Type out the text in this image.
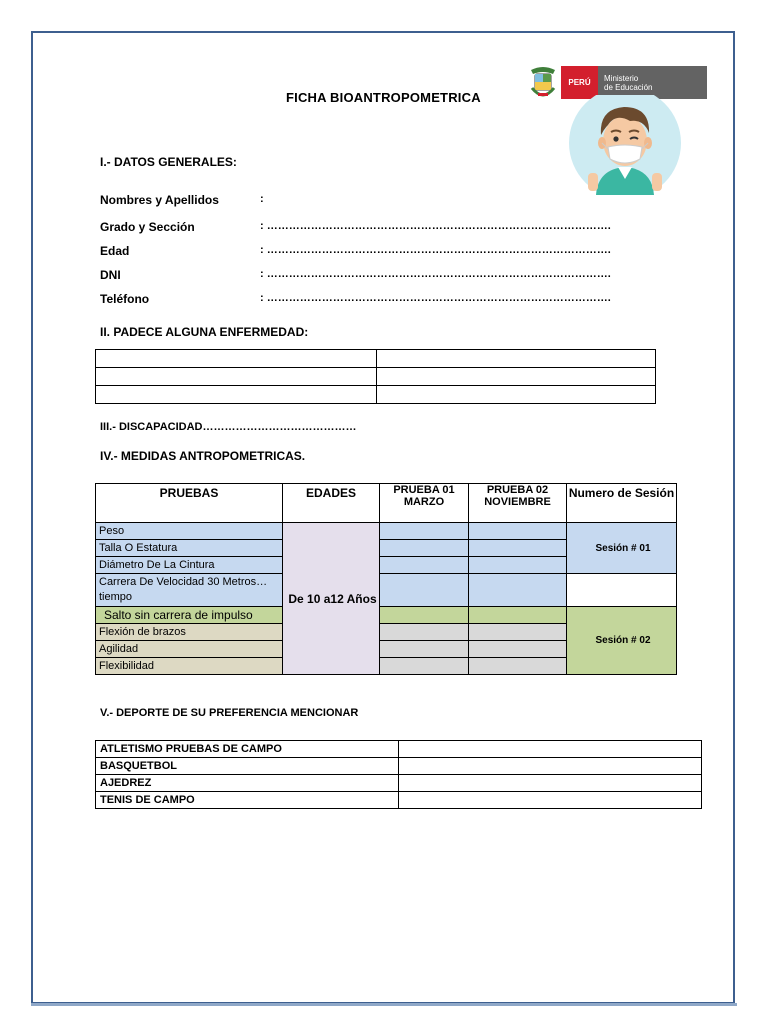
FICHA BIOANTROPOMETRICA
PERÚ Ministerio
de Educación
I.- DATOS GENERALES:
Nombres y Apellidos	:
Grado y Sección	: ………………………………………………………………………………….
Edad	: ………………………………………………………………………………….
DNI	: ………………………………………………………………………………….
Teléfono	: ………………………………………………………………………………….
II. PADECE ALGUNA ENFERMEDAD:

III.- DISCAPACIDAD……………………………………
IV.- MEDIDAS ANTROPOMETRICAS.
PRUEBAS	EDADES	PRUEBA 01 MARZO	PRUEBA 02 NOVIEMBRE	Numero de Sesión
Peso	De 10 a12 Años			Sesión # 01
Talla O Estatura				
Diámetro De La Cintura				
Carrera De Velocidad 30 Metros…tiempo				
Salto sin carrera de impulso				Sesión # 02
Flexión de brazos				
Agilidad				
Flexibilidad				
V.- DEPORTE DE SU PREFERENCIA MENCIONAR
ATLETISMO PRUEBAS DE CAMPO	
BASQUETBOL	
AJEDREZ	
TENIS DE CAMPO	
